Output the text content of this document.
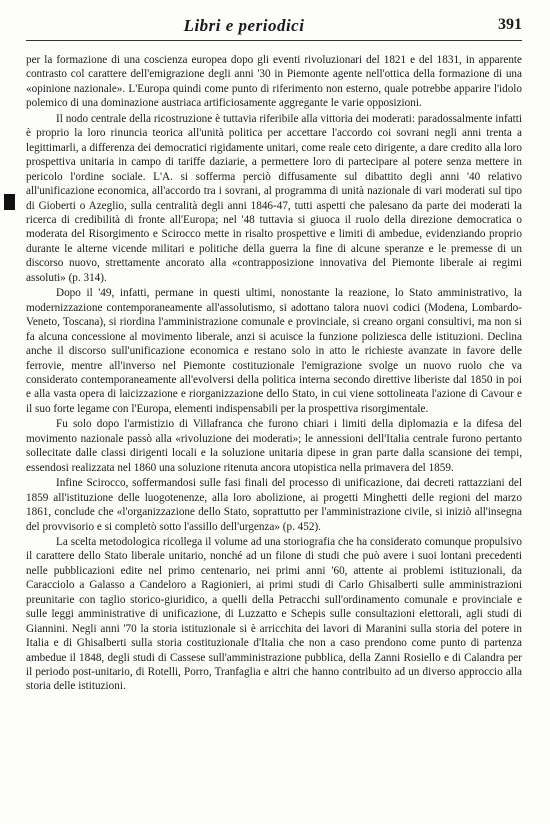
Libri e periodici	391

per la formazione di una coscienza europea dopo gli eventi rivoluzionari del 1821 e del 1831, in apparente contrasto col carattere dell'emigrazione degli anni '30 in Piemonte agente nell'ottica della formazione di una «opinione nazionale». L'Europa quindi come punto di riferimento non esterno, quale potrebbe apparire l'idolo polemico di una dominazione austriaca artificiosamente aggregante le varie opposizioni.

Il nodo centrale della ricostruzione è tuttavia riferibile alla vittoria dei moderati: paradossalmente infatti è proprio la loro rinuncia teorica all'unità politica per accettare l'accordo coi sovrani negli anni trenta a legittimarli, a differenza dei democratici rigidamente unitari, come reale ceto dirigente, a dare credito alla loro prospettiva unitaria in campo di tariffe daziarie, a permettere loro di partecipare al potere senza mettere in pericolo l'ordine sociale. L'A. si sofferma perciò diffusamente sul dibattito degli anni '40 relativo all'unificazione economica, all'accordo tra i sovrani, al programma di unità nazionale di vari moderati sul tipo di Gioberti o Azeglio, sulla centralità degli anni 1846-47, tutti aspetti che palesano da parte dei moderati la ricerca di credibilità di fronte all'Europa; nel '48 tuttavia si giuoca il ruolo della direzione democratica o moderata del Risorgimento e Scirocco mette in risalto prospettive e limiti di ambedue, evidenziando proprio durante le alterne vicende militari e politiche della guerra la fine di alcune speranze e le premesse di un discorso nuovo, strettamente ancorato alla «contrapposizione innovativa del Piemonte liberale ai regimi assoluti» (p. 314).

Dopo il '49, infatti, permane in questi ultimi, nonostante la reazione, lo Stato amministrativo, la modernizzazione contemporaneamente all'assolutismo, si adottano talora nuovi codici (Modena, Lombardo-Veneto, Toscana), si riordina l'amministrazione comunale e provinciale, si creano organi consultivi, ma non si fa alcuna concessione al movimento liberale, anzi si acuisce la funzione poliziesca delle istituzioni. Declina anche il discorso sull'unificazione economica e restano solo in atto le richieste avanzate in favore delle ferrovie, mentre all'inverso nel Piemonte costituzionale l'emigrazione svolge un nuovo ruolo che va considerato contemporaneamente all'evolversi della politica interna secondo direttive liberiste dal 1850 in poi e alla vasta opera di laicizzazione e riorganizzazione dello Stato, in cui viene sottolineata l'azione di Cavour e il suo forte legame con l'Europa, elementi indispensabili per la prospettiva risorgimentale.

Fu solo dopo l'armistizio di Villafranca che furono chiari i limiti della diplomazia e la difesa del movimento nazionale passò alla «rivoluzione dei moderati»; le annessioni dell'Italia centrale furono pertanto sollecitate dalle classi dirigenti locali e la soluzione unitaria dipese in gran parte dalla scansione dei tempi, essendosi realizzata nel 1860 una soluzione ritenuta ancora utopistica nella primavera del 1859.

Infine Scirocco, soffermandosi sulle fasi finali del processo di unificazione, dai decreti rattazziani del 1859 all'istituzione delle luogotenenze, alla loro abolizione, ai progetti Minghetti delle regioni del marzo 1861, conclude che «l'organizzazione dello Stato, soprattutto per l'amministrazione civile, si iniziò all'insegna del provvisorio e si completò sotto l'assillo dell'urgenza» (p. 452).

La scelta metodologica ricollega il volume ad una storiografia che ha considerato comunque propulsivo il carattere dello Stato liberale unitario, nonché ad un filone di studi che può avere i suoi lontani precedenti nelle pubblicazioni edite nel primo centenario, nei primi anni '60, attente ai problemi istituzionali, da Caracciolo a Galasso a Candeloro a Ragionieri, ai primi studi di Carlo Ghisalberti sulle amministrazioni preunitarie con taglio storico-giuridico, a quelli della Petracchi sull'ordinamento comunale e provinciale e sulle leggi amministrative di unificazione, di Luzzatto e Schepis sulle consultazioni elettorali, agli studi di Giannini. Negli anni '70 la storia istituzionale si è arricchita dei lavori di Maranini sulla storia del potere in Italia e di Ghisalberti sulla storia costituzionale d'Italia che non a caso prendono come punto di partenza ambedue il 1848, degli studi di Cassese sull'amministrazione pubblica, della Zanni Rosiello e di Calandra per il periodo post-unitario, di Rotelli, Porro, Tranfaglia e altri che hanno contribuito ad un diverso approccio alla storia delle istituzioni.
